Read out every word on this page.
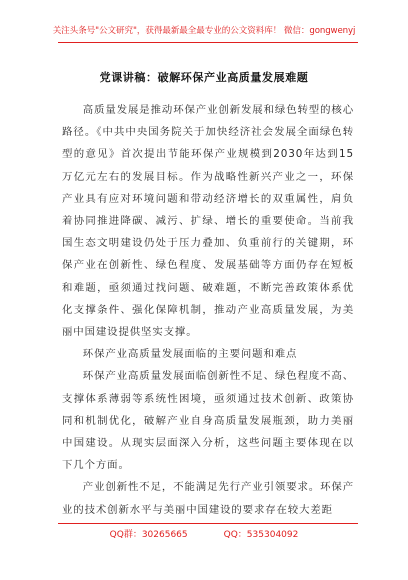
关注头条号"公文研究"，获得最新最全最专业的公文资料库！ 微信：gongwenyj
党课讲稿：破解环保产业高质量发展难题

高质量发展是推动环保产业创新发展和绿色转型的核心路径。《中共中央国务院关于加快经济社会发展全面绿色转型的意见》首次提出节能环保产业规模到2030年达到15万亿元左右的发展目标。作为战略性新兴产业之一，环保产业具有应对环境问题和带动经济增长的双重属性，肩负着协同推进降碳、减污、扩绿、增长的重要使命。当前我国生态文明建设仍处于压力叠加、负重前行的关键期，环保产业在创新性、绿色程度、发展基础等方面仍存在短板和难题，亟须通过找问题、破难题，不断完善政策体系优化支撑条件、强化保障机制，推动产业高质量发展，为美丽中国建设提供坚实支撑。

环保产业高质量发展面临的主要问题和难点

环保产业高质量发展面临创新性不足、绿色程度不高、支撑体系薄弱等系统性困境，亟须通过技术创新、政策协同和机制优化，破解产业自身高质量发展瓶颈，助力美丽中国建设。从现实层面深入分析，这些问题主要体现在以下几个方面。

产业创新性不足，不能满足先行产业引领要求。环保产业的技术创新水平与美丽中国建设的要求存在较大差距

QQ群：30265665	QQ：535304092
